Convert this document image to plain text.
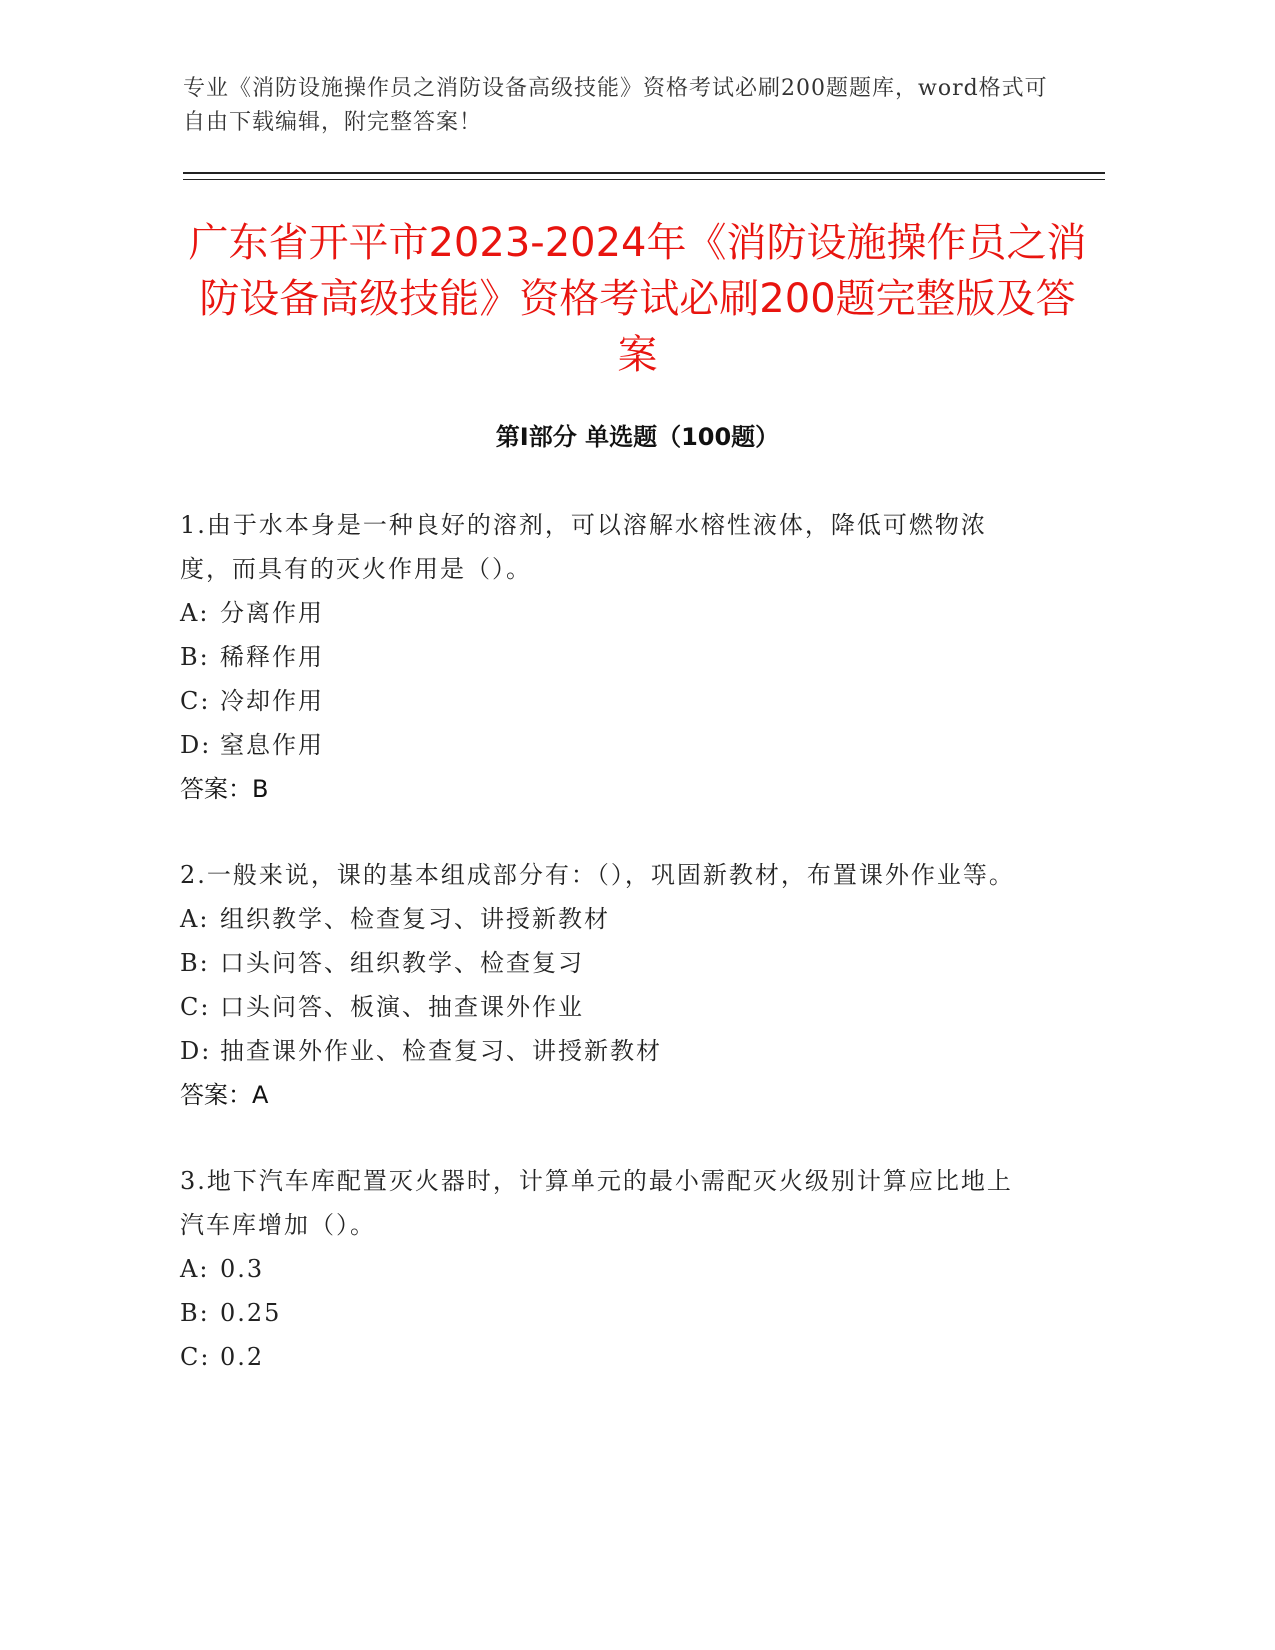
专业《消防设施操作员之消防设备高级技能》资格考试必刷200题题库，word格式可自由下载编辑，附完整答案！
广东省开平市2023-2024年《消防设施操作员之消防设备高级技能》资格考试必刷200题完整版及答案
第Ⅰ部分 单选题（100题）

1.由于水本身是一种良好的溶剂，可以溶解水榕性液体，降低可燃物浓度，而具有的灭火作用是（）。

A: 分离作用

B: 稀释作用

C: 冷却作用

D: 窒息作用

答案：B

2.一般来说，课的基本组成部分有：（），巩固新教材，布置课外作业等。

A: 组织教学、检查复习、讲授新教材

B: 口头问答、组织教学、检查复习

C: 口头问答、板演、抽查课外作业

D: 抽查课外作业、检查复习、讲授新教材

答案：A

3.地下汽车库配置灭火器时，计算单元的最小需配灭火级别计算应比地上汽车库增加（）。

A: 0.3

B: 0.25

C: 0.2
